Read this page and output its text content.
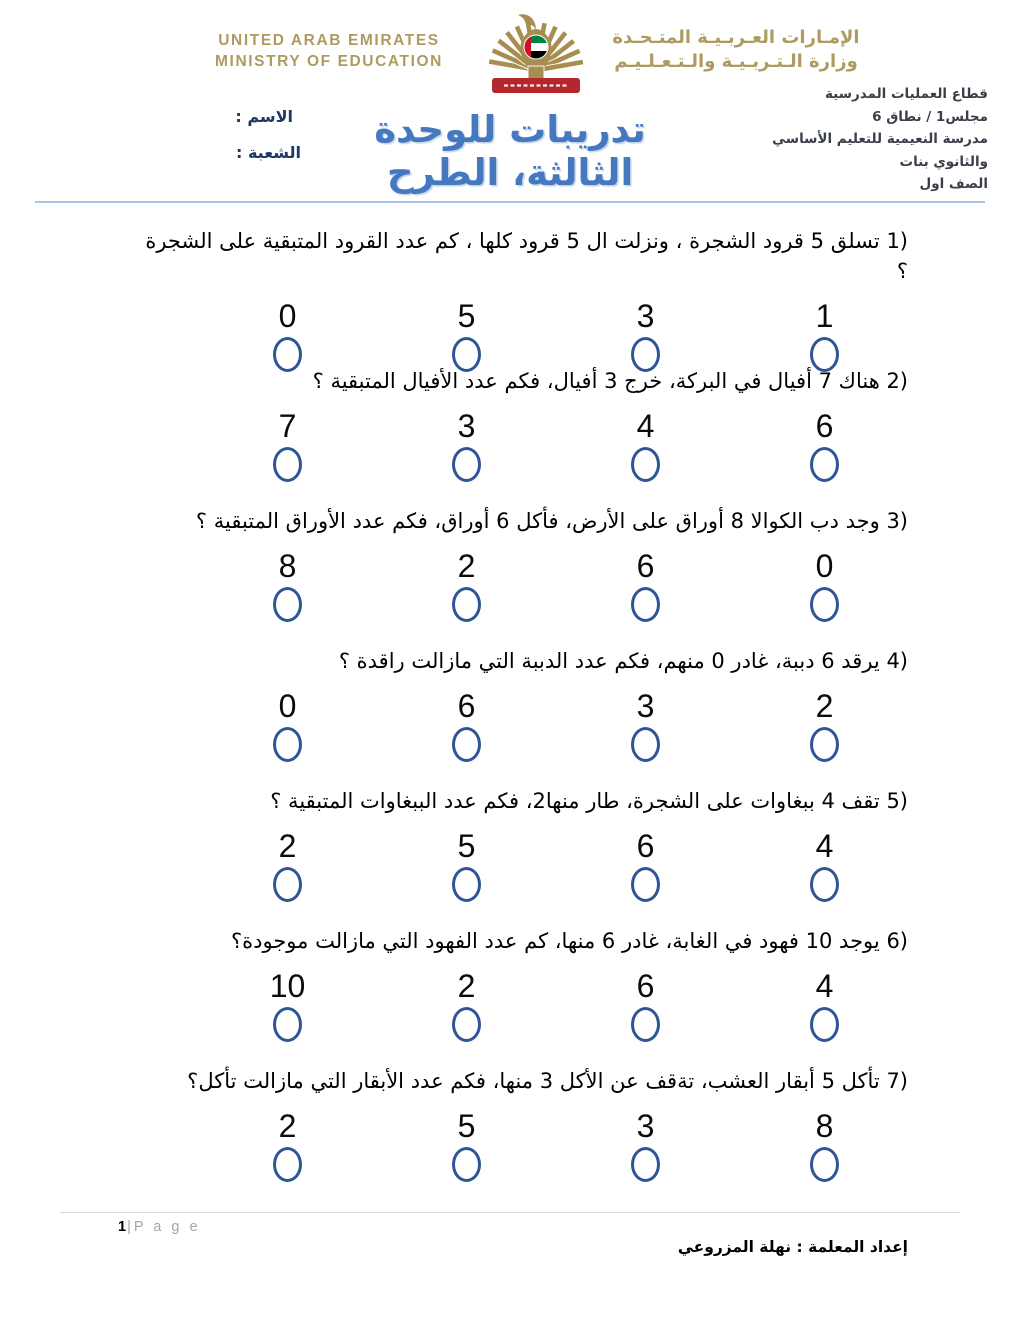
UNITED ARAB EMIRATES
MINISTRY OF EDUCATION
الإمـارات العـربـيـة المتـحـدة
وزارة الـتـربـيـة والـتـعـلـيـم
قطاع العمليات المدرسية
مجلس1 / نطاق 6
مدرسة النعيمية للتعليم الأساسي
والثانوي بنات
الصف اول
الاسم :
الشعبة :
تدريبات للوحدة الثالثة، الطرح
1) تسلق 5 قرود الشجرة ، ونزلت ال 5 قرود كلها ، كم عدد القرود المتبقية على الشجرة ؟
0	5	3	1
2) هناك 7 أفيال في البركة، خرج 3 أفيال، فكم عدد الأفيال المتبقية ؟
7	3	4	6
3) وجد دب الكوالا 8 أوراق على الأرض، فأكل 6 أوراق، فكم عدد الأوراق المتبقية ؟
8	2	6	0
4) يرقد 6 دببة، غادر 0 منهم، فكم عدد الدببة التي مازالت راقدة ؟
0	6	3	2
5) تقف 4 ببغاوات على الشجرة، طار منها2، فكم عدد الببغاوات المتبقية ؟
2	5	6	4
6) يوجد 10 فهود في الغابة، غادر 6 منها، كم عدد الفهود التي مازالت موجودة؟
10	2	6	4
7) تأكل 5 أبقار العشب، تةقف عن الأكل 3 منها، فكم عدد الأبقار التي مازالت تأكل؟
2	5	3	8
1|P a g e
إعداد المعلمة : نهلة المزروعي
